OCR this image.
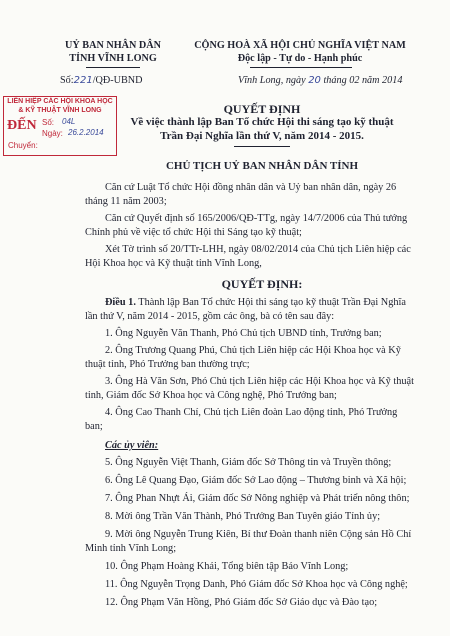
UỶ BAN NHÂN DÂN
TỈNH VĨNH LONG
Số:221/QĐ-UBND
CỘNG HOÀ XÃ HỘI CHỦ NGHĨA VIỆT NAM
Độc lập - Tự do - Hạnh phúc
Vĩnh Long, ngày 20 tháng 02 năm 2014
LIÊN HIỆP CÁC HỘI KHOA HỌC
& KỸ THUẬT VĨNH LONG
ĐẾN Số: 04L
Ngày: 26.2.2014
Chuyển:
QUYẾT ĐỊNH
Về việc thành lập Ban Tổ chức Hội thi sáng tạo kỹ thuật
Trần Đại Nghĩa lần thứ V, năm 2014 - 2015.
CHỦ TỊCH UỶ BAN NHÂN DÂN TỈNH
Căn cứ Luật Tổ chức Hội đồng nhân dân và Uỷ ban nhân dân, ngày 26 tháng 11 năm 2003;
Căn cứ Quyết định số 165/2006/QĐ-TTg, ngày 14/7/2006 của Thủ tướng Chính phủ về việc tổ chức Hội thi Sáng tạo kỹ thuật;
Xét Tờ trình số 20/TTr-LHH, ngày 08/02/2014 của Chủ tịch Liên hiệp các Hội Khoa học và Kỹ thuật tỉnh Vĩnh Long,
QUYẾT ĐỊNH:
Điều 1. Thành lập Ban Tổ chức Hội thi sáng tạo kỹ thuật Trần Đại Nghĩa lần thứ V, năm 2014 - 2015, gồm các ông, bà có tên sau đây:
1. Ông Nguyễn Văn Thanh, Phó Chủ tịch UBND tỉnh, Trưởng ban;
2. Ông Trương Quang Phú, Chủ tịch Liên hiệp các Hội Khoa học và Kỹ thuật tỉnh, Phó Trưởng ban thường trực;
3. Ông Hà Văn Sơn, Phó Chủ tịch Liên hiệp các Hội Khoa học và Kỹ thuật tỉnh, Giám đốc Sở Khoa học và Công nghệ, Phó Trưởng ban;
4. Ông Cao Thanh Chí, Chủ tịch Liên đoàn Lao động tỉnh, Phó Trưởng ban;
Các ủy viên:
5. Ông Nguyễn Việt Thanh, Giám đốc Sở Thông tin và Truyền thông;
6. Ông Lê Quang Đạo, Giám đốc Sở Lao động – Thương binh và Xã hội;
7. Ông Phan Nhựt Ái, Giám đốc Sở Nông nghiệp và Phát triển nông thôn;
8. Mời ông Trần Văn Thành, Phó Trưởng Ban Tuyên giáo Tỉnh ủy;
9. Mời ông Nguyễn Trung Kiên, Bí thư Đoàn thanh niên Cộng sản Hồ Chí Minh tỉnh Vĩnh Long;
10. Ông Phạm Hoàng Khải, Tổng biên tập Báo Vĩnh Long;
11. Ông Nguyễn Trọng Danh, Phó Giám đốc Sở Khoa học và Công nghệ;
12. Ông Phạm Văn Hồng, Phó Giám đốc Sở Giáo dục và Đào tạo;
